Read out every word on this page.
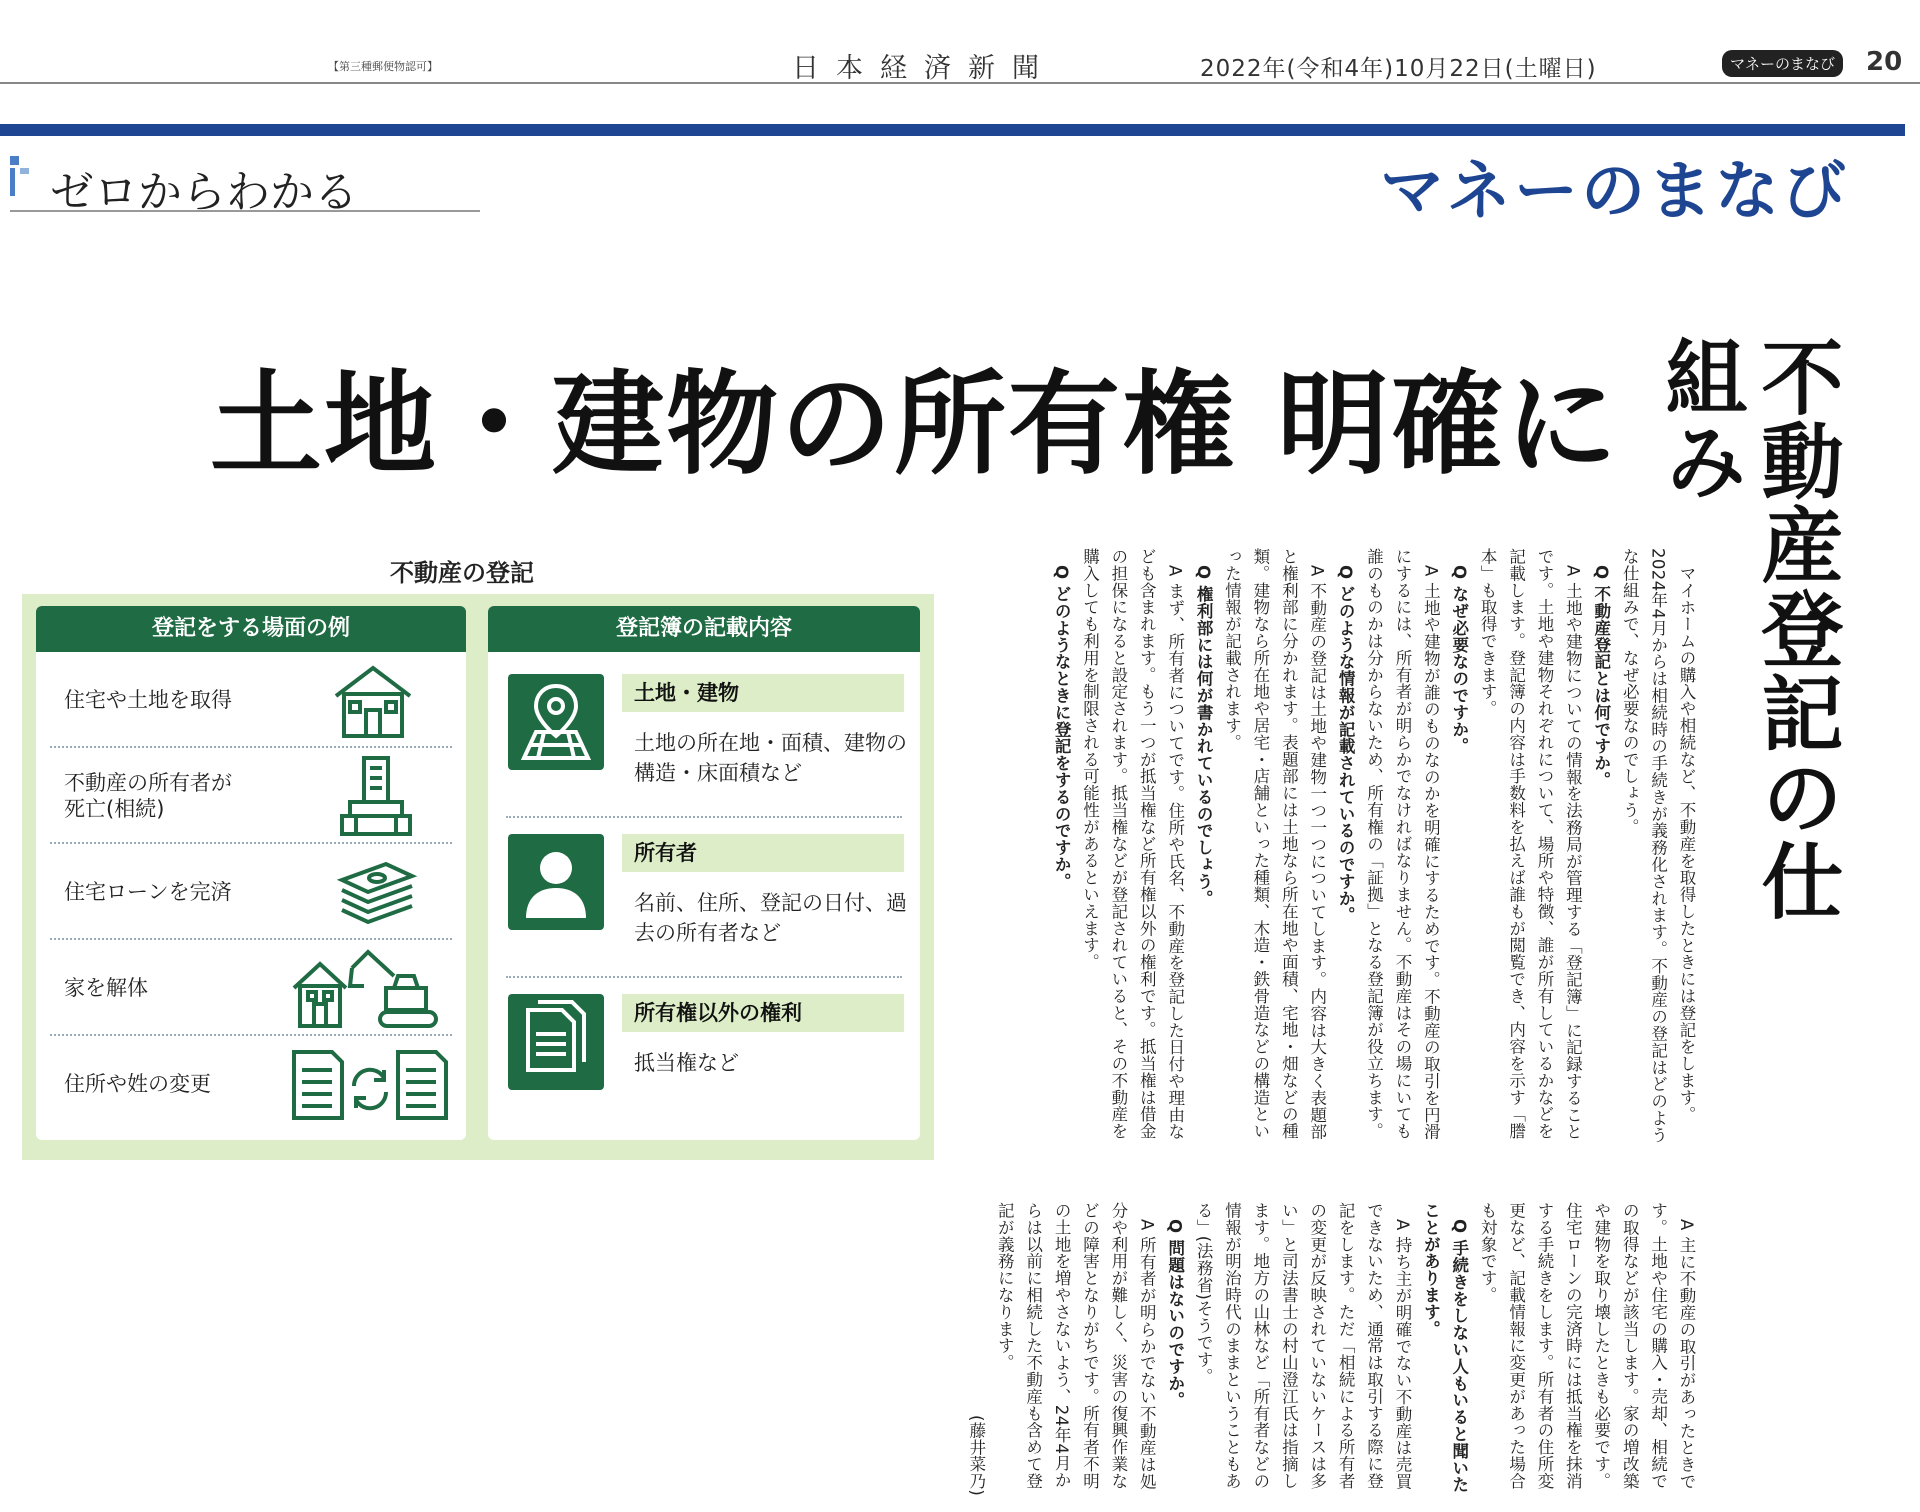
【第三種郵便物認可】	日本経済新聞	2022年(令和4年)10月22日(土曜日)	マネーのまなび	20
ゼロからわかる	マネーのまなび
土地・建物の所有権 明確に 不動産登記の仕組み
不動産の登記
登記をする場面の例
住宅や土地を取得
不動産の所有者が
死亡(相続)
住宅ローンを完済
家を解体
住所や姓の変更
登記簿の記載内容
土地・建物
土地の所在地・面積、建物の構造・床面積など
所有者
名前、住所、登記の日付、過去の所有者など
所有権以外の権利
抵当権など	マイホームの購入や相続など、不動産を取得したときには登記をします。2024年4月からは相続時の手続きが義務化されます。不動産の登記はどのような仕組みで、なぜ必要なのでしょう。

Q 不動産登記とは何ですか。

A 土地や建物についての情報を法務局が管理する「登記簿」に記録することです。土地や建物それぞれについて、場所や特徴、誰が所有しているかなどを記載します。登記簿の内容は手数料を払えば誰もが閲覧でき、内容を示す「謄本」も取得できます。

Q なぜ必要なのですか。

A 土地や建物が誰のものなのかを明確にするためです。不動産の取引を円滑にするには、所有者が明らかでなければなりません。不動産はその場にいても誰のものかは分からないため、所有権の「証拠」となる登記簿が役立ちます。

Q どのような情報が記載されているのですか。

A 不動産の登記は土地や建物一つ一つについてします。内容は大きく表題部と権利部に分かれます。表題部には土地なら所在地や面積、宅地・畑などの種類。建物なら所在地や居宅・店舗といった種類、木造・鉄骨造などの構造といった情報が記載されます。

Q 権利部には何が書かれているのでしょう。

A まず、所有者についてです。住所や氏名、不動産を登記した日付や理由なども含まれます。もう一つが抵当権など所有権以外の権利です。抵当権は借金の担保になると設定されます。抵当権などが登記されていると、その不動産を購入しても利用を制限される可能性があるといえます。

Q どのようなときに登記をするのですか。

A 主に不動産の取引があったときです。土地や住宅の購入・売却、相続での取得などが該当します。家の増改築や建物を取り壊したときも必要です。住宅ローンの完済時には抵当権を抹消する手続きをします。所有者の住所変更など、記載情報に変更があった場合も対象です。

Q 手続きをしない人もいると聞いたことがあります。

A 持ち主が明確でない不動産は売買できないため、通常は取引する際に登記をします。ただ「相続による所有者の変更が反映されていないケースは多い」と司法書士の村山澄江氏は指摘します。地方の山林など「所有者などの情報が明治時代のままということもある」(法務省)そうです。

Q 問題はないのですか。

A 所有者が明らかでない不動産は処分や利用が難しく、災害の復興作業などの障害となりがちです。所有者不明の土地を増やさないよう、24年4月からは以前に相続した不動産も含めて登記が義務になります。

(藤井菜乃)
